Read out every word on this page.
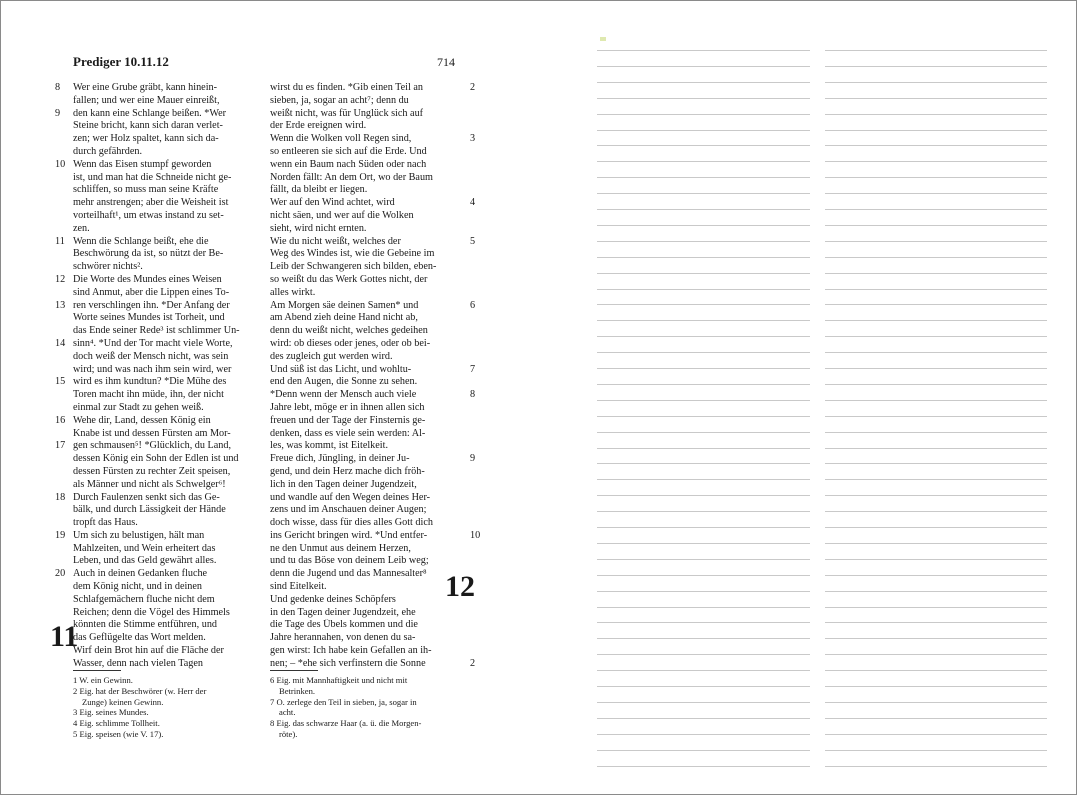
Prediger 10.11.12	714
Wer eine Grube gräbt, kann hinein-
fallen; und wer eine Mauer einreißt,
den kann eine Schlange beißen. *Wer
Steine bricht, kann sich daran verlet-
zen; wer Holz spaltet, kann sich da-
durch gefährden.
Wenn das Eisen stumpf geworden
ist, und man hat die Schneide nicht ge-
schliffen, so muss man seine Kräfte
mehr anstrengen; aber die Weisheit ist
vorteilhaft¹, um etwas instand zu set-
zen.
Wenn die Schlange beißt, ehe die
Beschwörung da ist, so nützt der Be-
schwörer nichts².
Die Worte des Mundes eines Weisen
sind Anmut, aber die Lippen eines To-
ren verschlingen ihn. *Der Anfang der
Worte seines Mundes ist Torheit, und
das Ende seiner Rede³ ist schlimmer Un-
sinn⁴. *Und der Tor macht viele Worte,
doch weiß der Mensch nicht, was sein
wird; und was nach ihm sein wird, wer
wird es ihm kundtun? *Die Mühe des
Toren macht ihn müde, ihn, der nicht
einmal zur Stadt zu gehen weiß.
Wehe dir, Land, dessen König ein
Knabe ist und dessen Fürsten am Mor-
gen schmausen⁵! *Glücklich, du Land,
dessen König ein Sohn der Edlen ist und
dessen Fürsten zu rechter Zeit speisen,
als Männer und nicht als Schwelger⁶!
Durch Faulenzen senkt sich das Ge-
bälk, und durch Lässigkeit der Hände
tropft das Haus.
Um sich zu belustigen, hält man
Mahlzeiten, und Wein erheitert das
Leben, und das Geld gewährt alles.
Auch in deinen Gedanken fluche
dem König nicht, und in deinen
Schlafgemächern fluche nicht dem
Reichen; denn die Vögel des Himmels
könnten die Stimme entführen, und
das Geflügelte das Wort melden.
Wirf dein Brot hin auf die Fläche der
Wasser, denn nach vielen Tagen
wirst du es finden. *Gib einen Teil an
sieben, ja, sogar an acht⁷; denn du
weißt nicht, was für Unglück sich auf
der Erde ereignen wird.
Wenn die Wolken voll Regen sind,
so entleeren sie sich auf die Erde. Und
wenn ein Baum nach Süden oder nach
Norden fällt: An dem Ort, wo der Baum
fällt, da bleibt er liegen.
Wer auf den Wind achtet, wird
nicht säen, und wer auf die Wolken
sieht, wird nicht ernten.
Wie du nicht weißt, welches der
Weg des Windes ist, wie die Gebeine im
Leib der Schwangeren sich bilden, eben-
so weißt du das Werk Gottes nicht, der
alles wirkt.
Am Morgen säe deinen Samen* und
am Abend zieh deine Hand nicht ab,
denn du weißt nicht, welches gedeihen
wird: ob dieses oder jenes, oder ob bei-
des zugleich gut werden wird.
Und süß ist das Licht, und wohltu-
end den Augen, die Sonne zu sehen.
*Denn wenn der Mensch auch viele
Jahre lebt, möge er in ihnen allen sich
freuen und der Tage der Finsternis ge-
denken, dass es viele sein werden: Al-
les, was kommt, ist Eitelkeit.
Freue dich, Jüngling, in deiner Ju-
gend, und dein Herz mache dich fröh-
lich in den Tagen deiner Jugendzeit,
und wandle auf den Wegen deines Her-
zens und im Anschauen deiner Augen;
doch wisse, dass für dies alles Gott dich
ins Gericht bringen wird. *Und entfer-
ne den Unmut aus deinem Herzen,
und tu das Böse von deinem Leib weg;
denn die Jugend und das Mannesalter⁸
sind Eitelkeit.
Und gedenke deines Schöpfers
in den Tagen deiner Jugendzeit, ehe
die Tage des Übels kommen und die
Jahre herannahen, von denen du sa-
gen wirst: Ich habe kein Gefallen an ih-
nen; – *ehe sich verfinstern die Sonne
8
9
10
11
12
13
14
15
16
17
18
19
20
2
3
4
5
6
7
8
9
10
2
11
12
1 W. ein Gewinn.
2 Eig. hat der Beschwörer (w. Herr der
Zunge) keinen Gewinn.
3 Eig. seines Mundes.
4 Eig. schlimme Tollheit.
5 Eig. speisen (wie V. 17).
6 Eig. mit Mannhaftigkeit und nicht mit
Betrinken.
7 O. zerlege den Teil in sieben, ja, sogar in
acht.
8 Eig. das schwarze Haar (a. ü. die Morgen-
röte).
